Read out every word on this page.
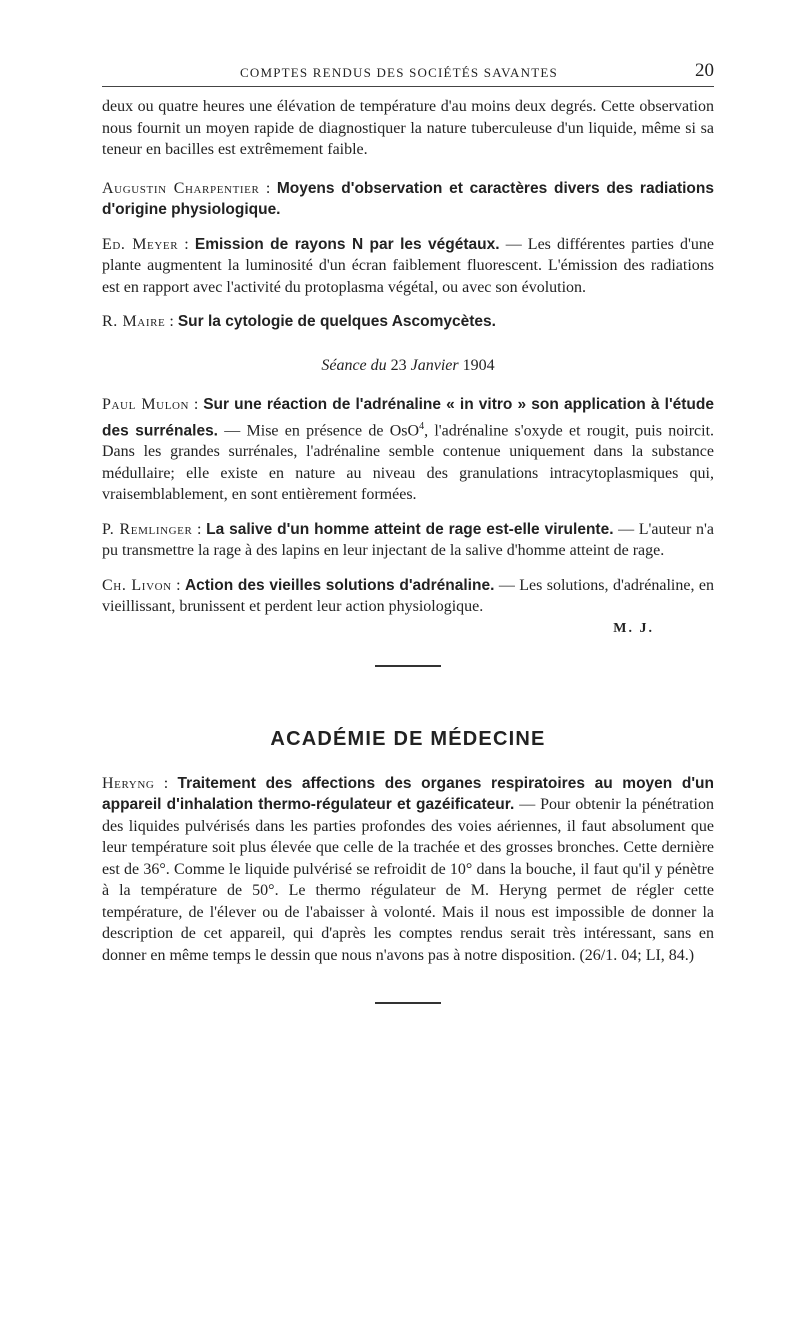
COMPTES RENDUS DES SOCIÉTÉS SAVANTES	20

deux ou quatre heures une élévation de température d'au moins deux degrés. Cette observation nous fournit un moyen rapide de diagnostiquer la nature tuberculeuse d'un liquide, même si sa teneur en bacilles est extrêmement faible.

Augustin Charpentier : Moyens d'observation et caractères divers des radiations d'origine physiologique.

Ed. Meyer : Emission de rayons N par les végétaux. — Les différentes parties d'une plante augmentent la luminosité d'un écran faiblement fluorescent. L'émission des radiations est en rapport avec l'activité du protoplasma végétal, ou avec son évolution.

R. Maire : Sur la cytologie de quelques Ascomycètes.

Séance du 23 Janvier 1904

Paul Mulon : Sur une réaction de l'adrénaline « in vitro » son application à l'étude des surrénales. — Mise en présence de OsO$^4$, l'adrénaline s'oxyde et rougit, puis noircit. Dans les grandes surrénales, l'adrénaline semble contenue uniquement dans la substance médullaire; elle existe en nature au niveau des granulations intracytoplasmiques qui, vraisemblablement, en sont entièrement formées.

P. Remlinger : La salive d'un homme atteint de rage est-elle virulente. — L'auteur n'a pu transmettre la rage à des lapins en leur injectant de la salive d'homme atteint de rage.

Ch. Livon : Action des vieilles solutions d'adrénaline. — Les solutions, d'adrénaline, en vieillissant, brunissent et perdent leur action physiologique.

M. J.

ACADÉMIE DE MÉDECINE

Heryng : Traitement des affections des organes respiratoires au moyen d'un appareil d'inhalation thermo-régulateur et gazéificateur. — Pour obtenir la pénétration des liquides pulvérisés dans les parties profondes des voies aériennes, il faut absolument que leur température soit plus élevée que celle de la trachée et des grosses bronches. Cette dernière est de 36°. Comme le liquide pulvérisé se refroidit de 10° dans la bouche, il faut qu'il y pénètre à la température de 50°. Le thermo régulateur de M. Heryng permet de régler cette température, de l'élever ou de l'abaisser à volonté. Mais il nous est impossible de donner la description de cet appareil, qui d'après les comptes rendus serait très intéressant, sans en donner en même temps le dessin que nous n'avons pas à notre disposition. (26/1. 04; LI, 84.)
